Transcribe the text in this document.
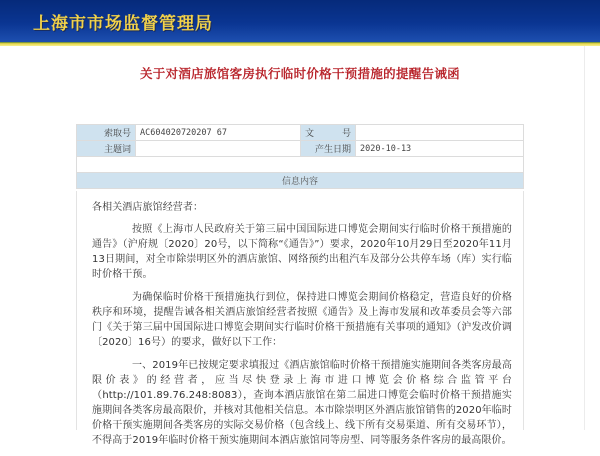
上海市市场监督管理局
关于对酒店旅馆客房执行临时价格干预措施的提醒告诫函
索取号	AC604020720207 67	文 号	

主题词		产生日期	2020-10-13

信息内容			

各相关酒店旅馆经营者：

按照《上海市人民政府关于第三届中国国际进口博览会期间实行临时价格干预措施的通告》（沪府规〔2020〕20号，以下简称“《通告》”）要求，2020年10月29日至2020年11月13日期间，对全市除崇明区外的酒店旅馆、网络预约出租汽车及部分公共停车场（库）实行临时价格干预。

为确保临时价格干预措施执行到位，保持进口博览会期间价格稳定，营造良好的价格秩序和环境，提醒告诫各相关酒店旅馆经营者按照《通告》及上海市发展和改革委员会等六部门《关于第三届中国国际进口博览会期间实行临时价格干预措施有关事项的通知》（沪发改价调〔2020〕16号）的要求，做好以下工作：

一、2019年已按规定要求填报过《酒店旅馆临时价格干预措施实施期间各类客房最高限价表》的经营者，应当尽快登录上海市进口博览会价格综合监管平台（http://101.89.76.248:8083），查询本酒店旅馆在第二届进口博览会临时价格干预措施实施期间各类客房最高限价，并核对其他相关信息。本市除崇明区外酒店旅馆销售的2020年临时价格干预实施期间各类客房的实际交易价格（包含线上、线下所有交易渠道、所有交易环节），不得高于2019年临时价格干预实施期间本酒店旅馆同等房型、同等服务条件客房的最高限价。
